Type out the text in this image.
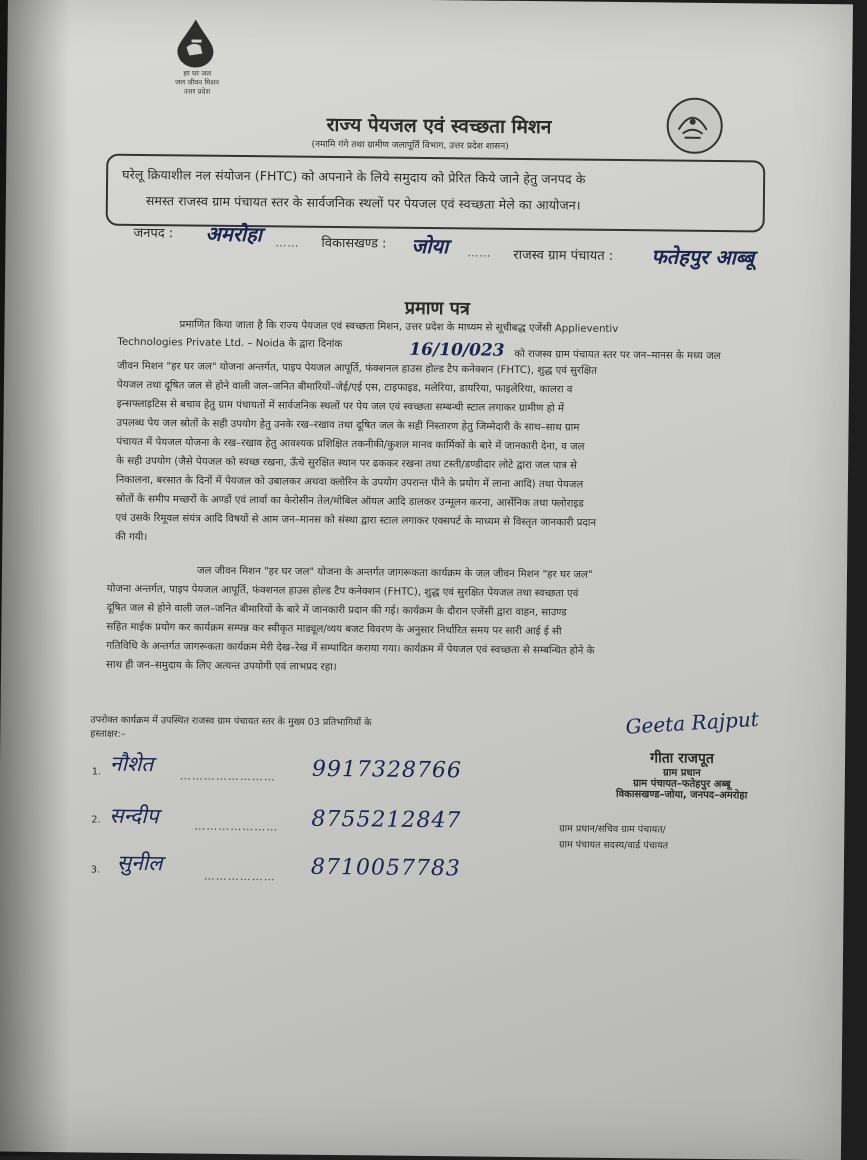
हर घर जल
जल जीवन मिशन
उत्तर प्रदेश
राज्य पेयजल एवं स्वच्छता मिशन
(नमामि गंगे तथा ग्रामीण जलापूर्ति विभाग, उत्तर प्रदेश शासन)
घरेलू क्रियाशील नल संयोजन (FHTC) को अपनाने के लिये समुदाय को प्रेरित किये जाने हेतु जनपद के
समस्त राजस्व ग्राम पंचायत स्तर के सार्वजनिक स्थलों पर पेयजल एवं स्वच्छता मेले का आयोजन।
जनपद : अमरोहा …… विकासखण्ड : जोया …… राजस्व ग्राम पंचायत : फतेहपुर आब्बू
प्रमाण पत्र
प्रमाणित किया जाता है कि राज्य पेयजल एवं स्वच्छता मिशन, उत्तर प्रदेश के माध्यम से सूचीबद्ध एजेंसी Applieventiv
Technologies Private Ltd. – Noida के द्वारा दिनांक	16/10/023 को राजस्व ग्राम पंचायत स्तर पर जन–मानस के मध्य जल
जीवन मिशन "हर घर जल" योजना अन्तर्गत, पाइप पेयजल आपूर्ति, फंक्शनल हाउस होल्ड टैप कनेक्शन (FHTC), शुद्ध एवं सुरक्षित
पेयजल तथा दूषित जल से होने वाली जल–जनित बीमारियों–जेई/एई एस, टाइफाइड, मलेरिया, डायरिया, फाइलेरिया, कालरा व
इन्सफ्लाइटिस से बचाव हेतु ग्राम पंचायतों में सार्वजनिक स्थलों पर पेय जल एवं स्वच्छता सम्बन्धी स्टाल लगाकर ग्रामीण हो में
उपलब्ध पेय जल स्रोतों के सही उपयोग हेतु उनके रख–रखाव तथा दूषित जल के सही निस्तारण हेतु जिम्मेदारी के साथ–साथ ग्राम
पंचायत में पेयजल योजना के रख–रखाव हेतु आवश्यक प्रशिक्षित तकनीकी/कुशल मानव कार्मिकों के बारे में जानकारी देना, व जल
के सही उपयोग (जैसे पेयजल को स्वच्छ रखना, ऊँचे सुरक्षित स्थान पर ढककर रखना तथा टस्ती/डण्डीदार लोटे द्वारा जल पात्र से
निकालना, बरसात के दिनों में पेयजल को उबालकर अथवा क्लोरिन के उपयोग उपरान्त पीने के प्रयोग में लाना आदि) तथा पेयजल
स्रोतों के समीप मच्छरों के अण्डों एवं लार्वा का केरोसीन तेल/मोबिल ऑयल आदि डालकर उन्मूलन करना, आर्सेनिक तथा फ्लोराइड
एवं उसके रिमूवल संयंत्र आदि विषयों से आम जन–मानस को संस्था द्वारा स्टाल लगाकर एक्सपर्ट के माध्यम से विस्तृत जानकारी प्रदान
की गयी।
जल जीवन मिशन "हर घर जल" योजना के अन्तर्गत जागरूकता कार्यक्रम के जल जीवन मिशन "हर घर जल"
योजना अन्तर्गत, पाइप पेयजल आपूर्ति, फंक्शनल हाउस होल्ड टैप कनेक्शन (FHTC), शुद्ध एवं सुरक्षित पेयजल तथा स्वच्छता एवं
दूषित जल से होने वाली जल–जनित बीमारियों के बारे में जानकारी प्रदान की गई। कार्यक्रम के दौरान एजेंसी द्वारा वाहन, साउण्ड
सहित माईक प्रयोग कर कार्यक्रम सम्पन्न कर स्वीकृत माड्यूल/व्यय बजट विवरण के अनुसार निर्धारित समय पर सारी आई ई सी
गतिविधि के अन्तर्गत जागरूकता कार्यक्रम मेरी देख–रेख में सम्पादित कराया गया। कार्यक्रम में पेयजल एवं स्वच्छता से सम्बन्धित होने के
साथ ही जन–समुदाय के लिए अत्यन्त उपयोगी एवं लाभप्रद रहा।
उपरोक्त कार्यक्रम में उपस्थित राजस्व ग्राम पंचायत स्तर के मुख्य 03 प्रतिभागियों के
हस्ताक्षर:–
1. नौशेत
…………………… 9917328766
2. सन्दीप	………………… 8755212847
3. सुनील
……………… 8710057783
Geeta Rajput
गीता राजपूत
ग्राम प्रधान
ग्राम पंचायत–फतेहपुर अब्बू
विकासखण्ड–जोया, जनपद–अमरोहा
ग्राम प्रधान/सचिव ग्राम पंचायत/
ग्राम पंचायत सदस्य/वार्ड पंचायत
